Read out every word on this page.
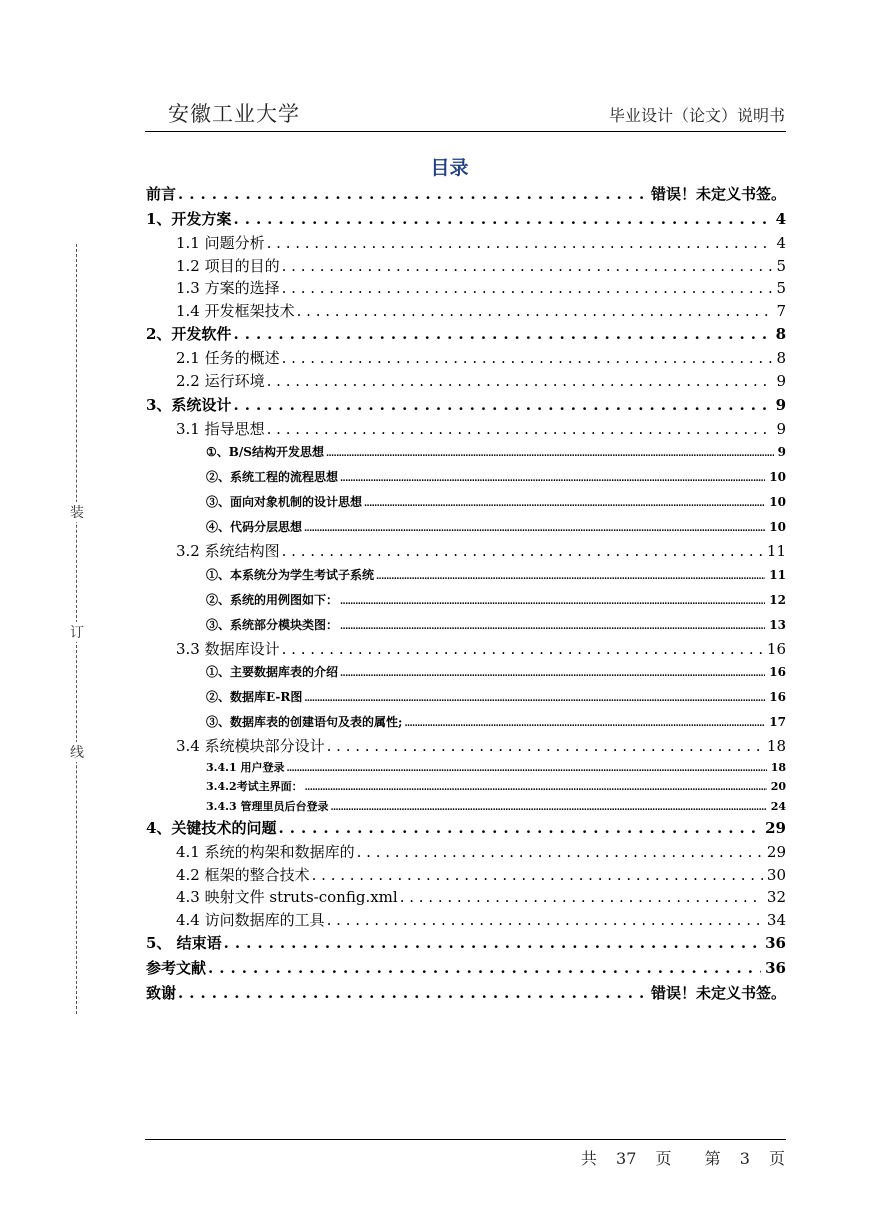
安徽工业大学	毕业设计（论文）说明书
装
订
线
目录
前言 . . .	错误！未定义书签。
1、开发方案 . . .	4
1.1 问题分析 . . .	4
1.2 项目的目的 . . .	5
1.3 方案的选择 . . .	5
1.4 开发框架技术 . . .	7
2、开发软件 . . .	8
2.1 任务的概述 . . .	8
2.2 运行环境 . . .	9
3、系统设计 . . .	9
3.1 指导思想 . . .	9
①、B/S结构开发思想 .....	9
②、系统工程的流程思想 .....	10
③、面向对象机制的设计思想 .....	10
④、代码分层思想 .....	10
3.2 系统结构图 . . .	11
①、本系统分为学生考试子系统 .....	11
②、系统的用例图如下： .....	12
③、系统部分模块类图： .....	13
3.3 数据库设计 . . .	16
①、主要数据库表的介绍 .....	16
②、数据库E-R图 .....	16
③、数据库表的创建语句及表的属性; .....	17
3.4 系统模块部分设计 . . .	18
3.4.1 用户登录 .....	18
3.4.2考试主界面： .....	20
3.4.3 管理里员后台登录 .....	24
4、关键技术的问题 . . .	29
4.1 系统的构架和数据库的 . . .	29
4.2 框架的整合技术 . . .	30
4.3 映射文件 struts-config.xml . . .	32
4.4 访问数据库的工具 . . .	34
5、 结束语 . . .	36
参考文献 . . .	36
致谢 . . .	错误！未定义书签。
共 37 页 第 3 页
